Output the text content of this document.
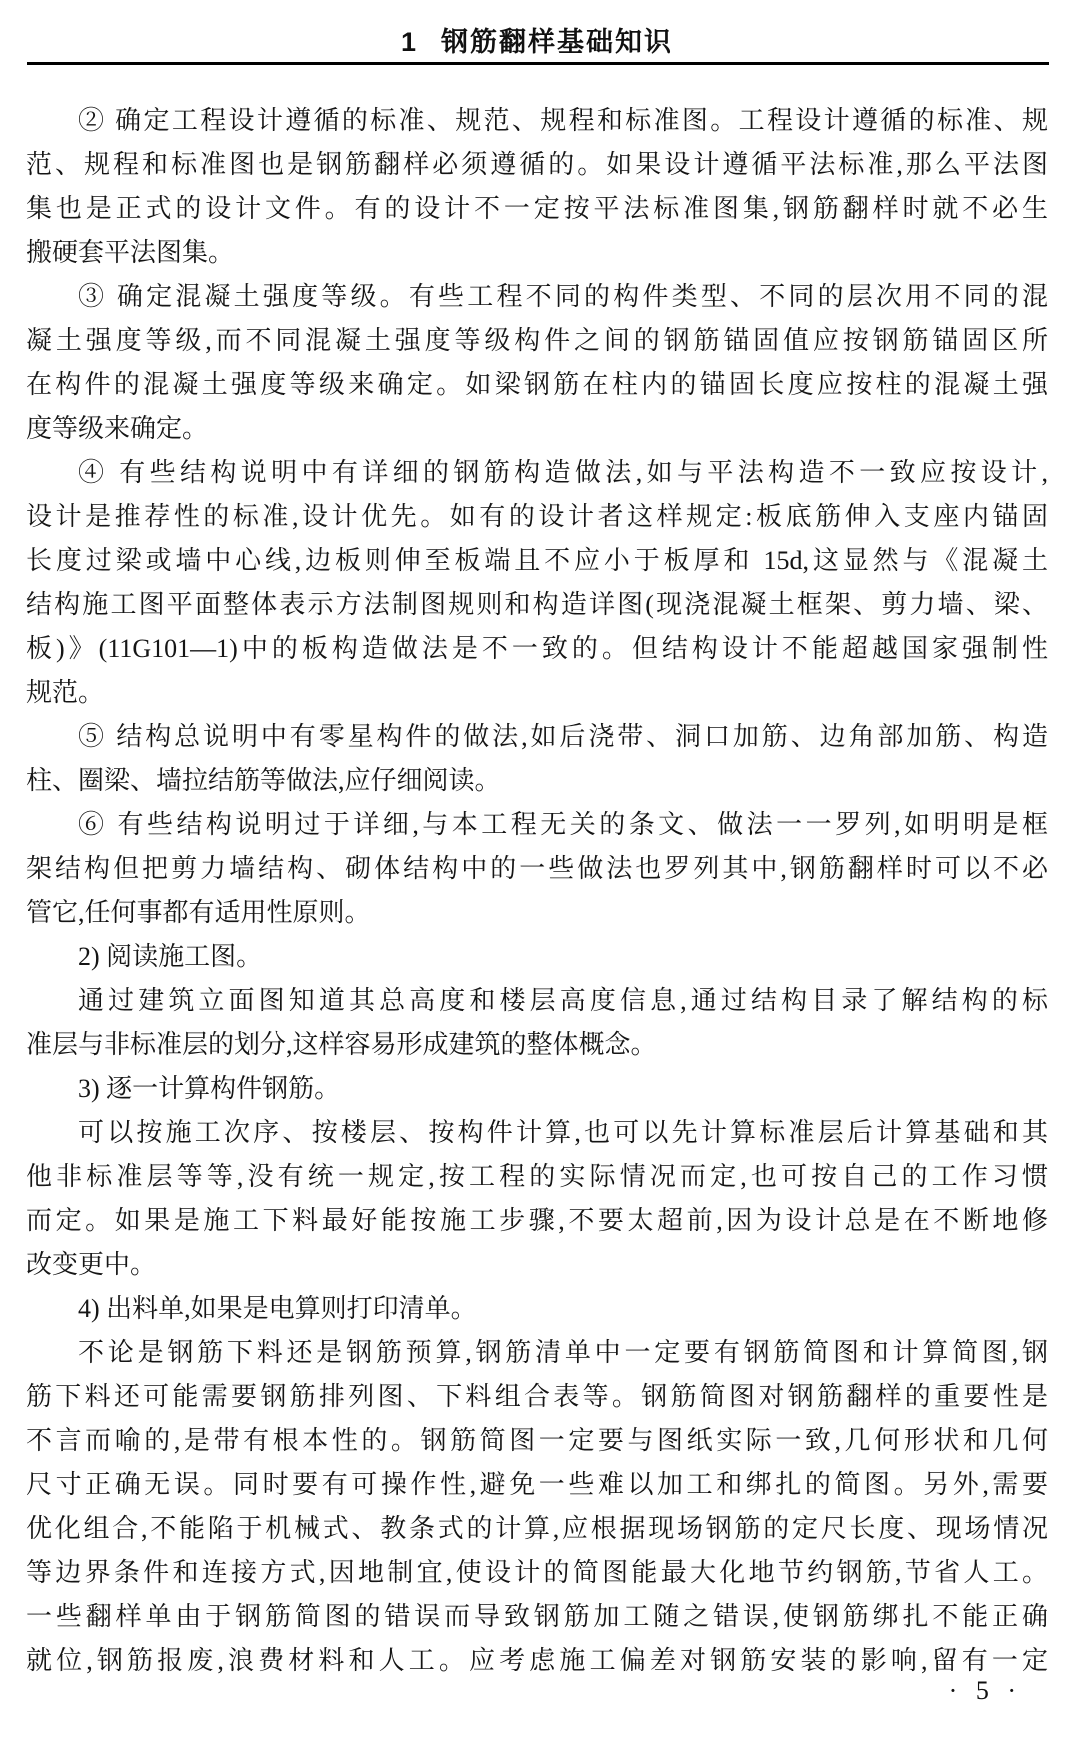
1 钢筋翻样基础知识
② 确定工程设计遵循的标准、规范、规程和标准图。工程设计遵循的标准、规
范、规程和标准图也是钢筋翻样必须遵循的。如果设计遵循平法标准,那么平法图
集也是正式的设计文件。有的设计不一定按平法标准图集,钢筋翻样时就不必生
搬硬套平法图集。
③ 确定混凝土强度等级。有些工程不同的构件类型、不同的层次用不同的混
凝土强度等级,而不同混凝土强度等级构件之间的钢筋锚固值应按钢筋锚固区所
在构件的混凝土强度等级来确定。如梁钢筋在柱内的锚固长度应按柱的混凝土强
度等级来确定。
④ 有些结构说明中有详细的钢筋构造做法,如与平法构造不一致应按设计,
设计是推荐性的标准,设计优先。如有的设计者这样规定:板底筋伸入支座内锚固
长度过梁或墙中心线,边板则伸至板端且不应小于板厚和 15d,这显然与《混凝土
结构施工图平面整体表示方法制图规则和构造详图(现浇混凝土框架、剪力墙、梁、
板)》(11G101—1)中的板构造做法是不一致的。但结构设计不能超越国家强制性
规范。
⑤ 结构总说明中有零星构件的做法,如后浇带、洞口加筋、边角部加筋、构造
柱、圈梁、墙拉结筋等做法,应仔细阅读。
⑥ 有些结构说明过于详细,与本工程无关的条文、做法一一罗列,如明明是框
架结构但把剪力墙结构、砌体结构中的一些做法也罗列其中,钢筋翻样时可以不必
管它,任何事都有适用性原则。
2) 阅读施工图。
通过建筑立面图知道其总高度和楼层高度信息,通过结构目录了解结构的标
准层与非标准层的划分,这样容易形成建筑的整体概念。
3) 逐一计算构件钢筋。
可以按施工次序、按楼层、按构件计算,也可以先计算标准层后计算基础和其
他非标准层等等,没有统一规定,按工程的实际情况而定,也可按自己的工作习惯
而定。如果是施工下料最好能按施工步骤,不要太超前,因为设计总是在不断地修
改变更中。
4) 出料单,如果是电算则打印清单。
不论是钢筋下料还是钢筋预算,钢筋清单中一定要有钢筋简图和计算简图,钢
筋下料还可能需要钢筋排列图、下料组合表等。钢筋简图对钢筋翻样的重要性是
不言而喻的,是带有根本性的。钢筋简图一定要与图纸实际一致,几何形状和几何
尺寸正确无误。同时要有可操作性,避免一些难以加工和绑扎的简图。另外,需要
优化组合,不能陷于机械式、教条式的计算,应根据现场钢筋的定尺长度、现场情况
等边界条件和连接方式,因地制宜,使设计的简图能最大化地节约钢筋,节省人工。
一些翻样单由于钢筋简图的错误而导致钢筋加工随之错误,使钢筋绑扎不能正确
就位,钢筋报废,浪费材料和人工。应考虑施工偏差对钢筋安装的影响,留有一定
· 5 ·
